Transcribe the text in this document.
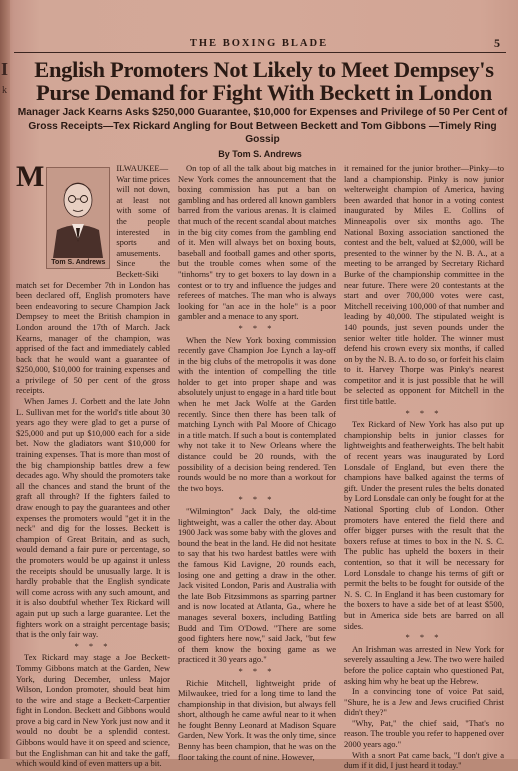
THE BOXING BLADE	5
I
k
English Promoters Not Likely to Meet Dempsey's Purse Demand for Fight With Beckett in London
Manager Jack Kearns Asks $250,000 Guarantee, $10,000 for Expenses and Privilege of 50 Per Cent of Gross Receipts—Tex Rickard Angling for Bout Between Beckett and Tom Gibbons —Timely Ring Gossip
By Tom S. Andrews

M
Tom S. Andrews
ILWAUKEE—War time prices will not down, at least not with some of the people interested in sports and amusements. Since the Beckett-Siki match set for December 7th in London has been declared off, English promoters have been endeavoring to secure Champion Jack Dempsey to meet the British champion in London around the 17th of March. Jack Kearns, manager of the champion, was apprised of the fact and immediately cabled back that he would want a guarantee of $250,000, $10,000 for training expenses and a privilege of 50 per cent of the gross receipts.

When James J. Corbett and the late John L. Sullivan met for the world's title about 30 years ago they were glad to get a purse of $25,000 and put up $10,000 each for a side bet. Now the gladiators want $10,000 for training expenses. That is more than most of the big championship battles drew a few decades ago. Why should the promoters take all the chances and stand the brunt of the graft all through? If the fighters failed to draw enough to pay the guarantees and other expenses the promoters would "get it in the neck" and dig for the losses. Beckett is champion of Great Britain, and as such, would demand a fair pure or percentage, so the promoters would be up against it unless the receipts should be unusually large. It is hardly probable that the English syndicate will come across with any such amount, and it is also doubtful whether Tex Rickard will again put up such a large guarantee. Let the fighters work on a straight percentage basis; that is the only fair way.

* * *

Tex Rickard may stage a Joe Beckett-Tommy Gibbons match at the Garden, New York, during December, unless Major Wilson, London promoter, should beat him to the wire and stage a Beckett-Carpentier fight in London. Beckett and Gibbons would prove a big card in New York just now and it would no doubt be a splendid contest. Gibbons would have it on speed and science, but the Englishman can hit and take the gaff, which would kind of even matters up a bit.

On top of all the talk about big matches in New York comes the announcement that the boxing commission has put a ban on gambling and has ordered all known gamblers barred from the various arenas. It is claimed that much of the recent scandal about matches in the big city comes from the gambling end of it. Men will always bet on boxing bouts, baseball and football games and other sports, but the trouble comes when some of the "tinhorns" try to get boxers to lay down in a contest or to try and influence the judges and referees of matches. The man who is always looking for "an ace in the hole" is a poor gambler and a menace to any sport.

* * *

When the New York boxing commission recently gave Champion Joe Lynch a lay-off in the big clubs of the metropolis it was done with the intention of compelling the title holder to get into proper shape and was absolutely unjust to engage in a hard title bout when he met Jack Wolfe at the Garden recently. Since then there has been talk of matching Lynch with Pal Moore of Chicago in a title match. If such a bout is contemplated why not take it to New Orleans where the distance could be 20 rounds, with the possibility of a decision being rendered. Ten rounds would be no more than a workout for the two boys.

* * *

"Wilmington" Jack Daly, the old-time lightweight, was a caller the other day. About 1900 Jack was some baby with the gloves and bound the beat in the land. He did not hesitate to say that his two hardest battles were with the famous Kid Lavigne, 20 rounds each, losing one and getting a draw in the other. Jack visited London, Paris and Australia with the late Bob Fitzsimmons as sparring partner and is now located at Atlanta, Ga., where he manages several boxers, including Battling Budd and Tim O'Dowd. "There are some good fighters here now," said Jack, "but few of them know the boxing game as we practiced it 30 years ago."

* * *

Richie Mitchell, lightweight pride of Milwaukee, tried for a long time to land the championship in that division, but always fell short, although he came awful near to it when he fought Benny Leonard at Madison Square Garden, New York. It was the only time, since Benny has been champion, that he was on the floor taking the count of nine. However,

it remained for the junior brother—Pinky—to land a championship. Pinky is now junior welterweight champion of America, having been awarded that honor in a voting contest inaugurated by Miles E. Collins of Minneapolis over six months ago. The National Boxing association sanctioned the contest and the belt, valued at $2,000, will be presented to the winner by the N. B. A., at a meeting to be arranged by Secretary Richard Burke of the championship committee in the near future. There were 20 contestants at the start and over 700,000 votes were cast, Mitchell receiving 100,000 of that number and leading by 40,000. The stipulated weight is 140 pounds, just seven pounds under the senior welter title holder. The winner must defend his crown every six months, if called on by the N. B. A. to do so, or forfeit his claim to it. Harvey Thorpe was Pinky's nearest competitor and it is just possible that he will be selected as opponent for Mitchell in the first title battle.

* * *

Tex Rickard of New York has also put up championship belts in junior classes for lightweights and featherweights. The belt habit of recent years was inaugurated by Lord Lonsdale of England, but even there the champions have balked against the terms of gift. Under the present rules the belts donated by Lord Lonsdale can only be fought for at the National Sporting club of London. Other promoters have entered the field there and offer bigger purses with the result that the boxers refuse at times to box in the N. S. C. The public has upheld the boxers in their contention, so that it will be necessary for Lord Lonsdale to change his terms of gift or permit the belts to be fought for outside of the N. S. C. In England it has been customary for the boxers to have a side bet of at least $500, but in America side bets are barred on all sides.

* * *

An Irishman was arrested in New York for severely assaulting a Jew. The two were hailed before the police captain who questioned Pat, asking him why he beat up the Hebrew.

In a convincing tone of voice Pat said, "Shure, he is a Jew and Jews crucified Christ didn't they?"

"Why, Pat," the chief said, "That's no reason. The trouble you refer to happened over 2000 years ago."

With a snort Pat came back, "I don't give a dum if it did, I just heard it today."
